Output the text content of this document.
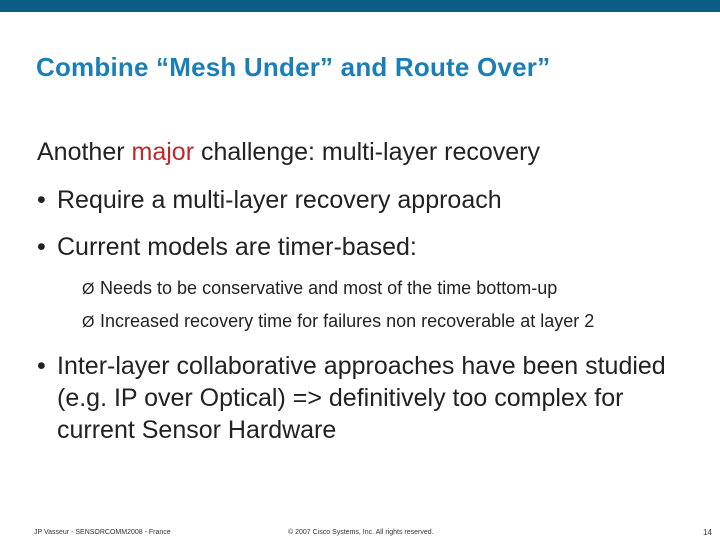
Combine “Mesh Under” and Route Over”

Another major challenge: multi-layer recovery

• Require a multi-layer recovery approach
• Current models are timer-based:
Ø Needs to be conservative and most of the time bottom-up
Ø Increased recovery time for failures non recoverable at layer 2
• Inter-layer collaborative approaches have been studied (e.g. IP over Optical) => definitively too complex for current Sensor Hardware
JP Vasseur - SENSORCOMM2008 - France	© 2007 Cisco Systems, Inc. All rights reserved.	14
